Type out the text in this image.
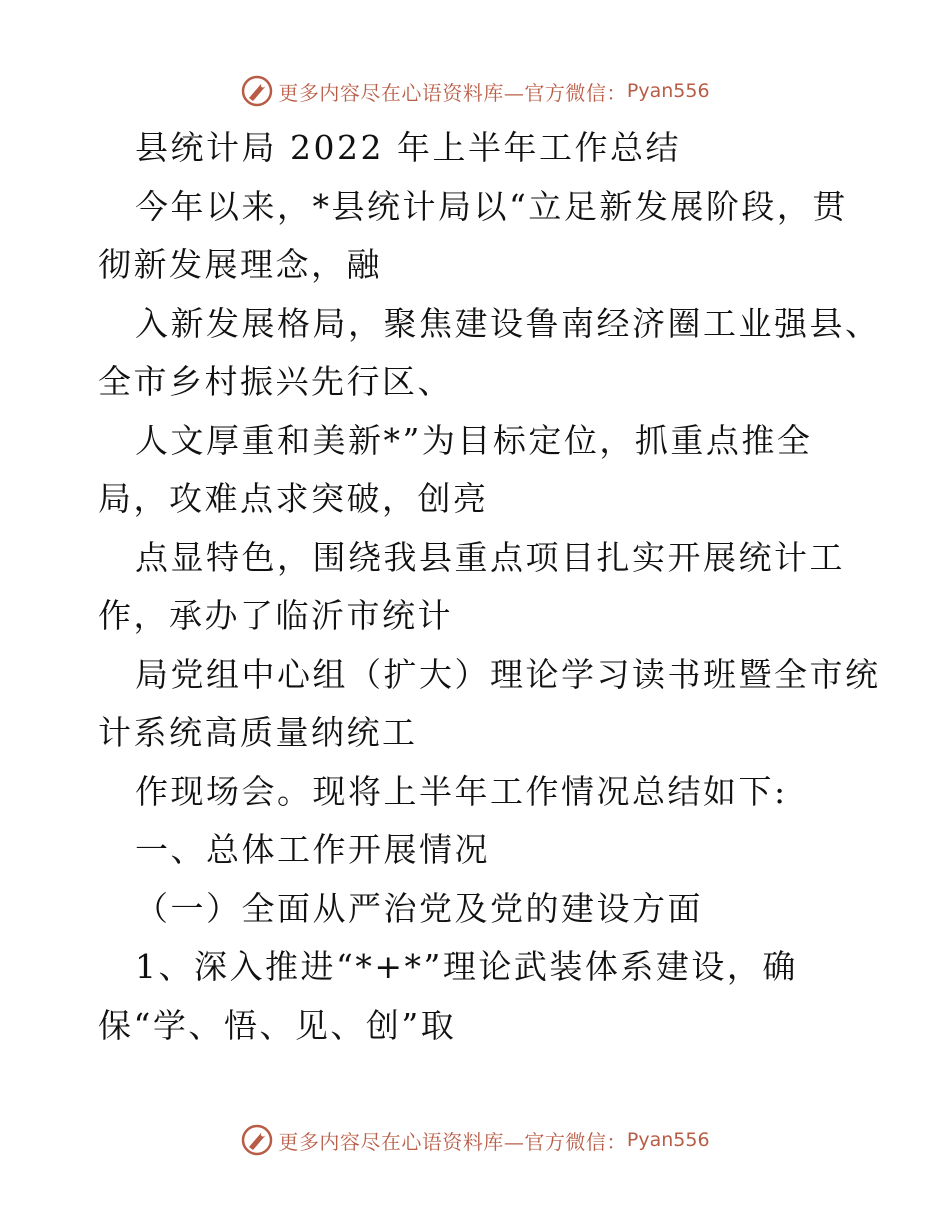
更多内容尽在心语资料库—官方微信： Pyan556
县统计局 2022 年上半年工作总结
今年以来，*县统计局以“立足新发展阶段，贯
彻新发展理念，融
入新发展格局，聚焦建设鲁南经济圈工业强县、
全市乡村振兴先行区、
人文厚重和美新*”为目标定位，抓重点推全
局，攻难点求突破，创亮
点显特色，围绕我县重点项目扎实开展统计工
作，承办了临沂市统计
局党组中心组（扩大）理论学习读书班暨全市统
计系统高质量纳统工
作现场会。现将上半年工作情况总结如下:
一、总体工作开展情况
（一）全面从严治党及党的建设方面
1、深入推进“*+*”理论武装体系建设，确
保“学、悟、见、创”取
更多内容尽在心语资料库—官方微信： Pyan556
